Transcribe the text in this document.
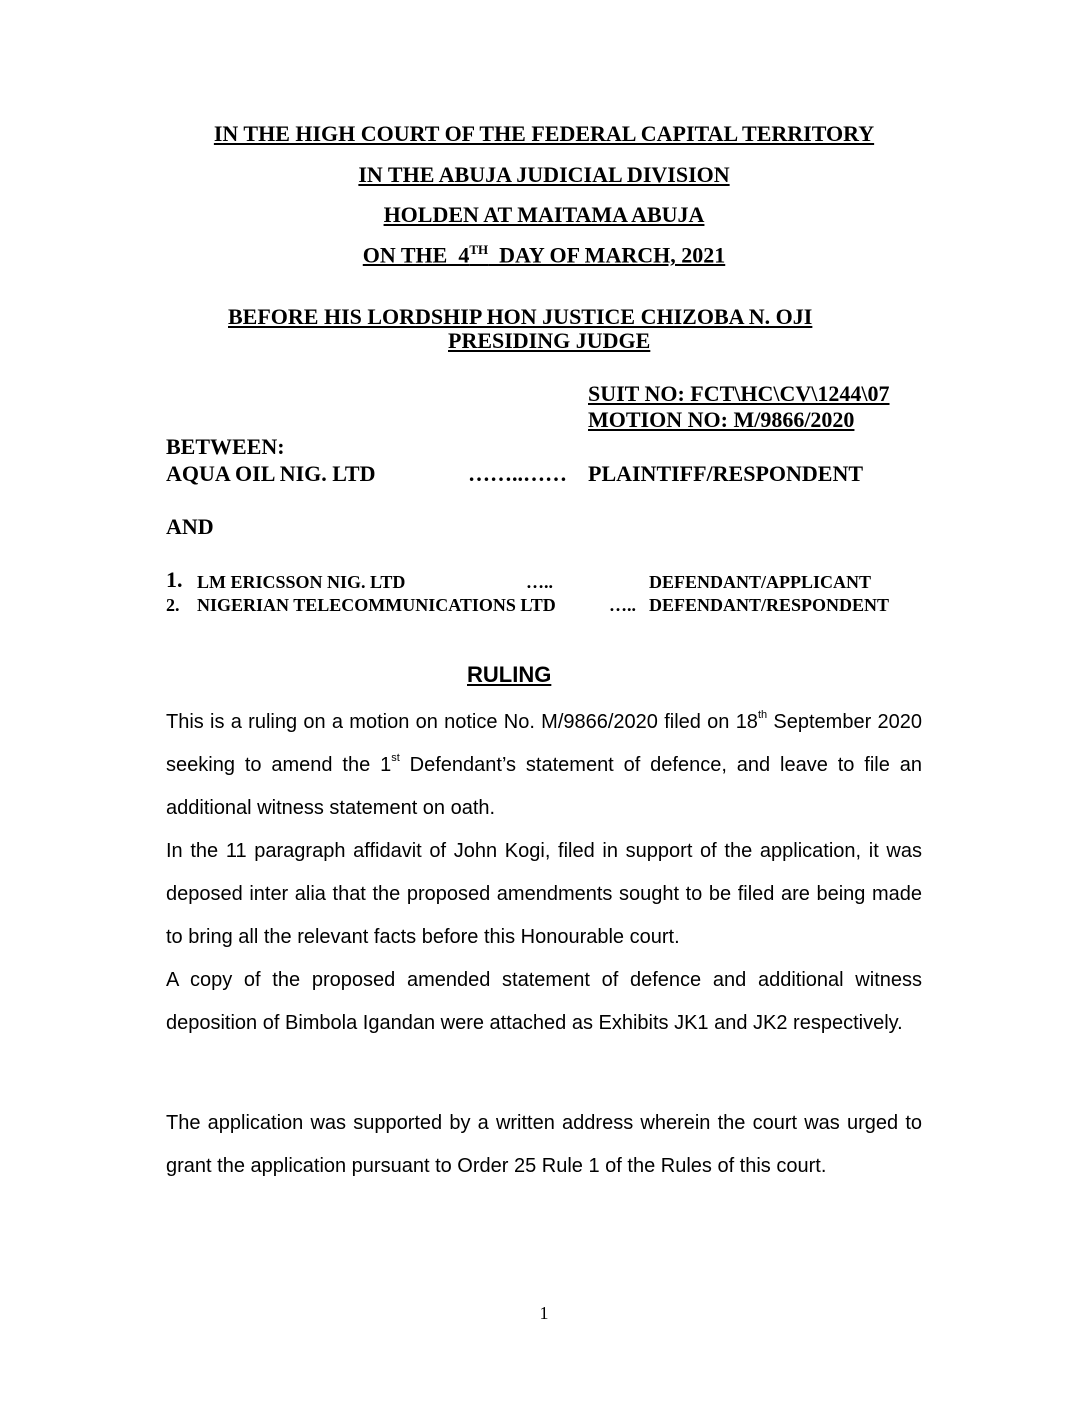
IN THE HIGH COURT OF THE FEDERAL CAPITAL TERRITORY
IN THE ABUJA JUDICIAL DIVISION
HOLDEN AT MAITAMA ABUJA
ON THE  4TH  DAY OF MARCH, 2021
BEFORE HIS LORDSHIP HON JUSTICE CHIZOBA N. OJI
PRESIDING JUDGE
SUIT NO: FCT\HC\CV\1244\07
MOTION NO: M/9866/2020
BETWEEN:
AQUA OIL NIG. LTD	……..…… PLAINTIFF/RESPONDENT
AND
1. LM ERICSSON NIG. LTD	…..	DEFENDANT/APPLICANT
2. NIGERIAN TELECOMMUNICATIONS LTD	….. DEFENDANT/RESPONDENT
RULING
This is a ruling on a motion on notice No. M/9866/2020 filed on 18th September 2020 seeking to amend the 1st Defendant’s statement of defence, and leave to file an additional witness statement on oath.
In the 11 paragraph affidavit of John Kogi, filed in support of the application, it was deposed inter alia that the proposed amendments sought to be filed are being made to bring all the relevant facts before this Honourable court.
A copy of the proposed amended statement of defence and additional witness deposition of Bimbola Igandan were attached as Exhibits JK1 and JK2 respectively.
The application was supported by a written address wherein the court was urged to grant the application pursuant to Order 25 Rule 1 of the Rules of this court.
1
